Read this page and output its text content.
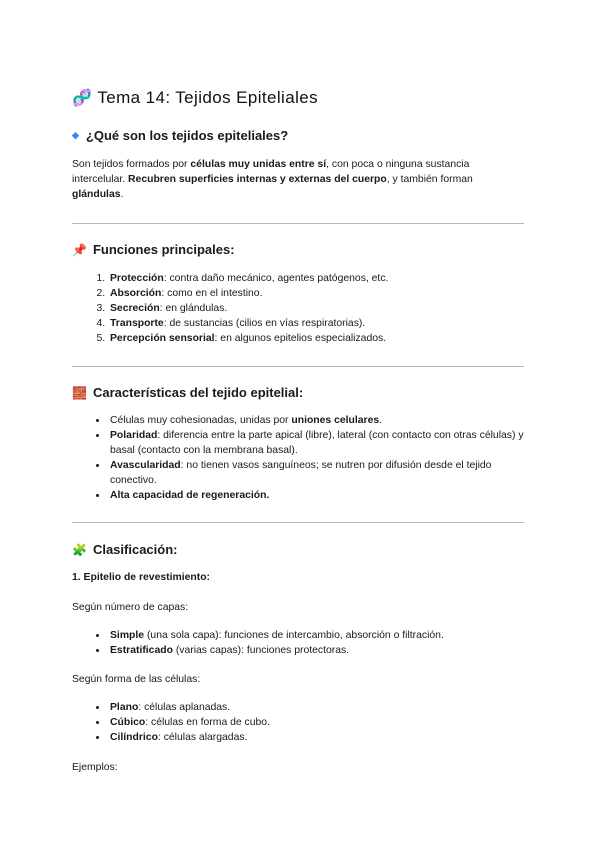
🧬 Tema 14: Tejidos Epiteliales
◆ ¿Qué son los tejidos epiteliales?

Son tejidos formados por células muy unidas entre sí, con poca o ninguna sustancia intercelular. Recubren superficies internas y externas del cuerpo, y también forman glándulas.

📌 Funciones principales:
1. Protección: contra daño mecánico, agentes patógenos, etc.
2. Absorción: como en el intestino.
3. Secreción: en glándulas.
4. Transporte: de sustancias (cilios en vías respiratorias).
5. Percepción sensorial: en algunos epitelios especializados.
🧱 Características del tejido epitelial:
• Células muy cohesionadas, unidas por uniones celulares.
• Polaridad: diferencia entre la parte apical (libre), lateral (con contacto con otras células) y basal (contacto con la membrana basal).
• Avascularidad: no tienen vasos sanguíneos; se nutren por difusión desde el tejido conectivo.
• Alta capacidad de regeneración.
🧩 Clasificación:

1. Epitelio de revestimiento:

Según número de capas:

• Simple (una sola capa): funciones de intercambio, absorción o filtración.
• Estratificado (varias capas): funciones protectoras.

Según forma de las células:

• Plano: células aplanadas.
• Cúbico: células en forma de cubo.
• Cilíndrico: células alargadas.

Ejemplos:
